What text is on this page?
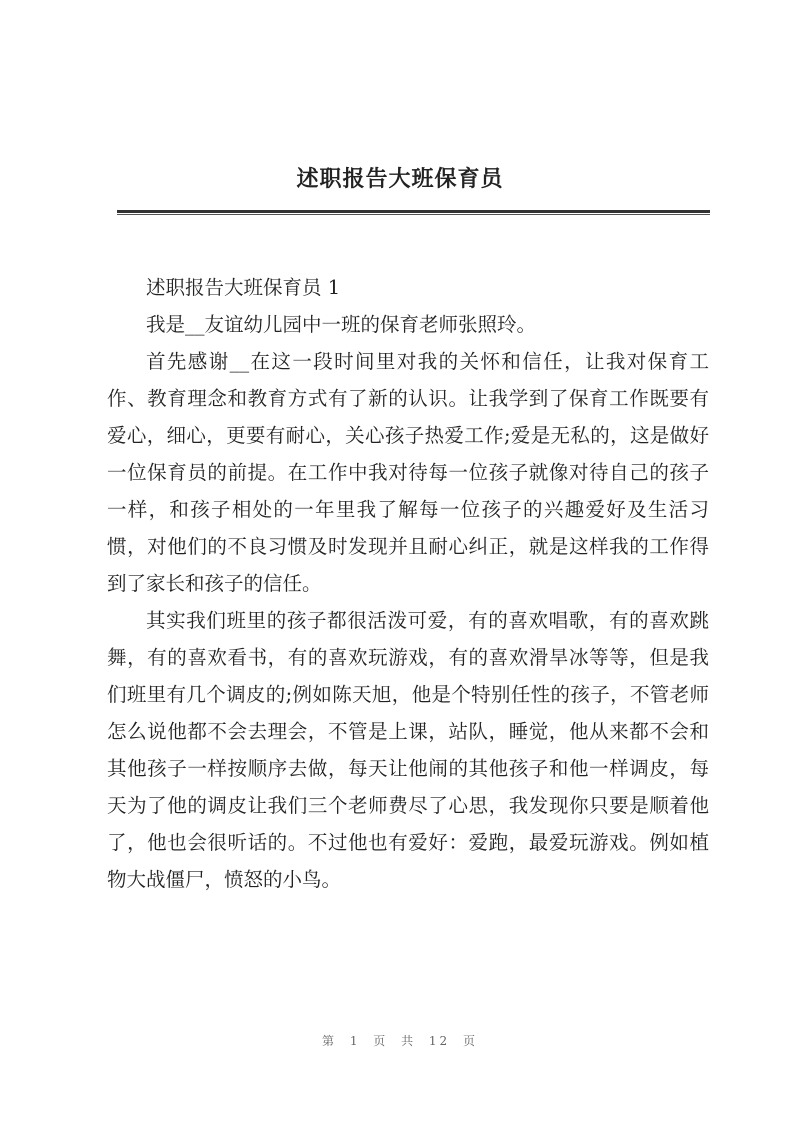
述职报告大班保育员

述职报告大班保育员 1

我是__友谊幼儿园中一班的保育老师张照玲。

首先感谢__在这一段时间里对我的关怀和信任，让我对保育工作、教育理念和教育方式有了新的认识。让我学到了保育工作既要有爱心，细心，更要有耐心，关心孩子热爱工作;爱是无私的，这是做好一位保育员的前提。在工作中我对待每一位孩子就像对待自己的孩子一样，和孩子相处的一年里我了解每一位孩子的兴趣爱好及生活习惯，对他们的不良习惯及时发现并且耐心纠正，就是这样我的工作得到了家长和孩子的信任。

其实我们班里的孩子都很活泼可爱，有的喜欢唱歌，有的喜欢跳舞，有的喜欢看书，有的喜欢玩游戏，有的喜欢滑旱冰等等，但是我们班里有几个调皮的;例如陈天旭，他是个特别任性的孩子，不管老师怎么说他都不会去理会，不管是上课，站队，睡觉，他从来都不会和其他孩子一样按顺序去做，每天让他闹的其他孩子和他一样调皮，每天为了他的调皮让我们三个老师费尽了心思，我发现你只要是顺着他了，他也会很听话的。不过他也有爱好：爱跑，最爱玩游戏。例如植物大战僵尸，愤怒的小鸟。

第 1 页 共 12 页
